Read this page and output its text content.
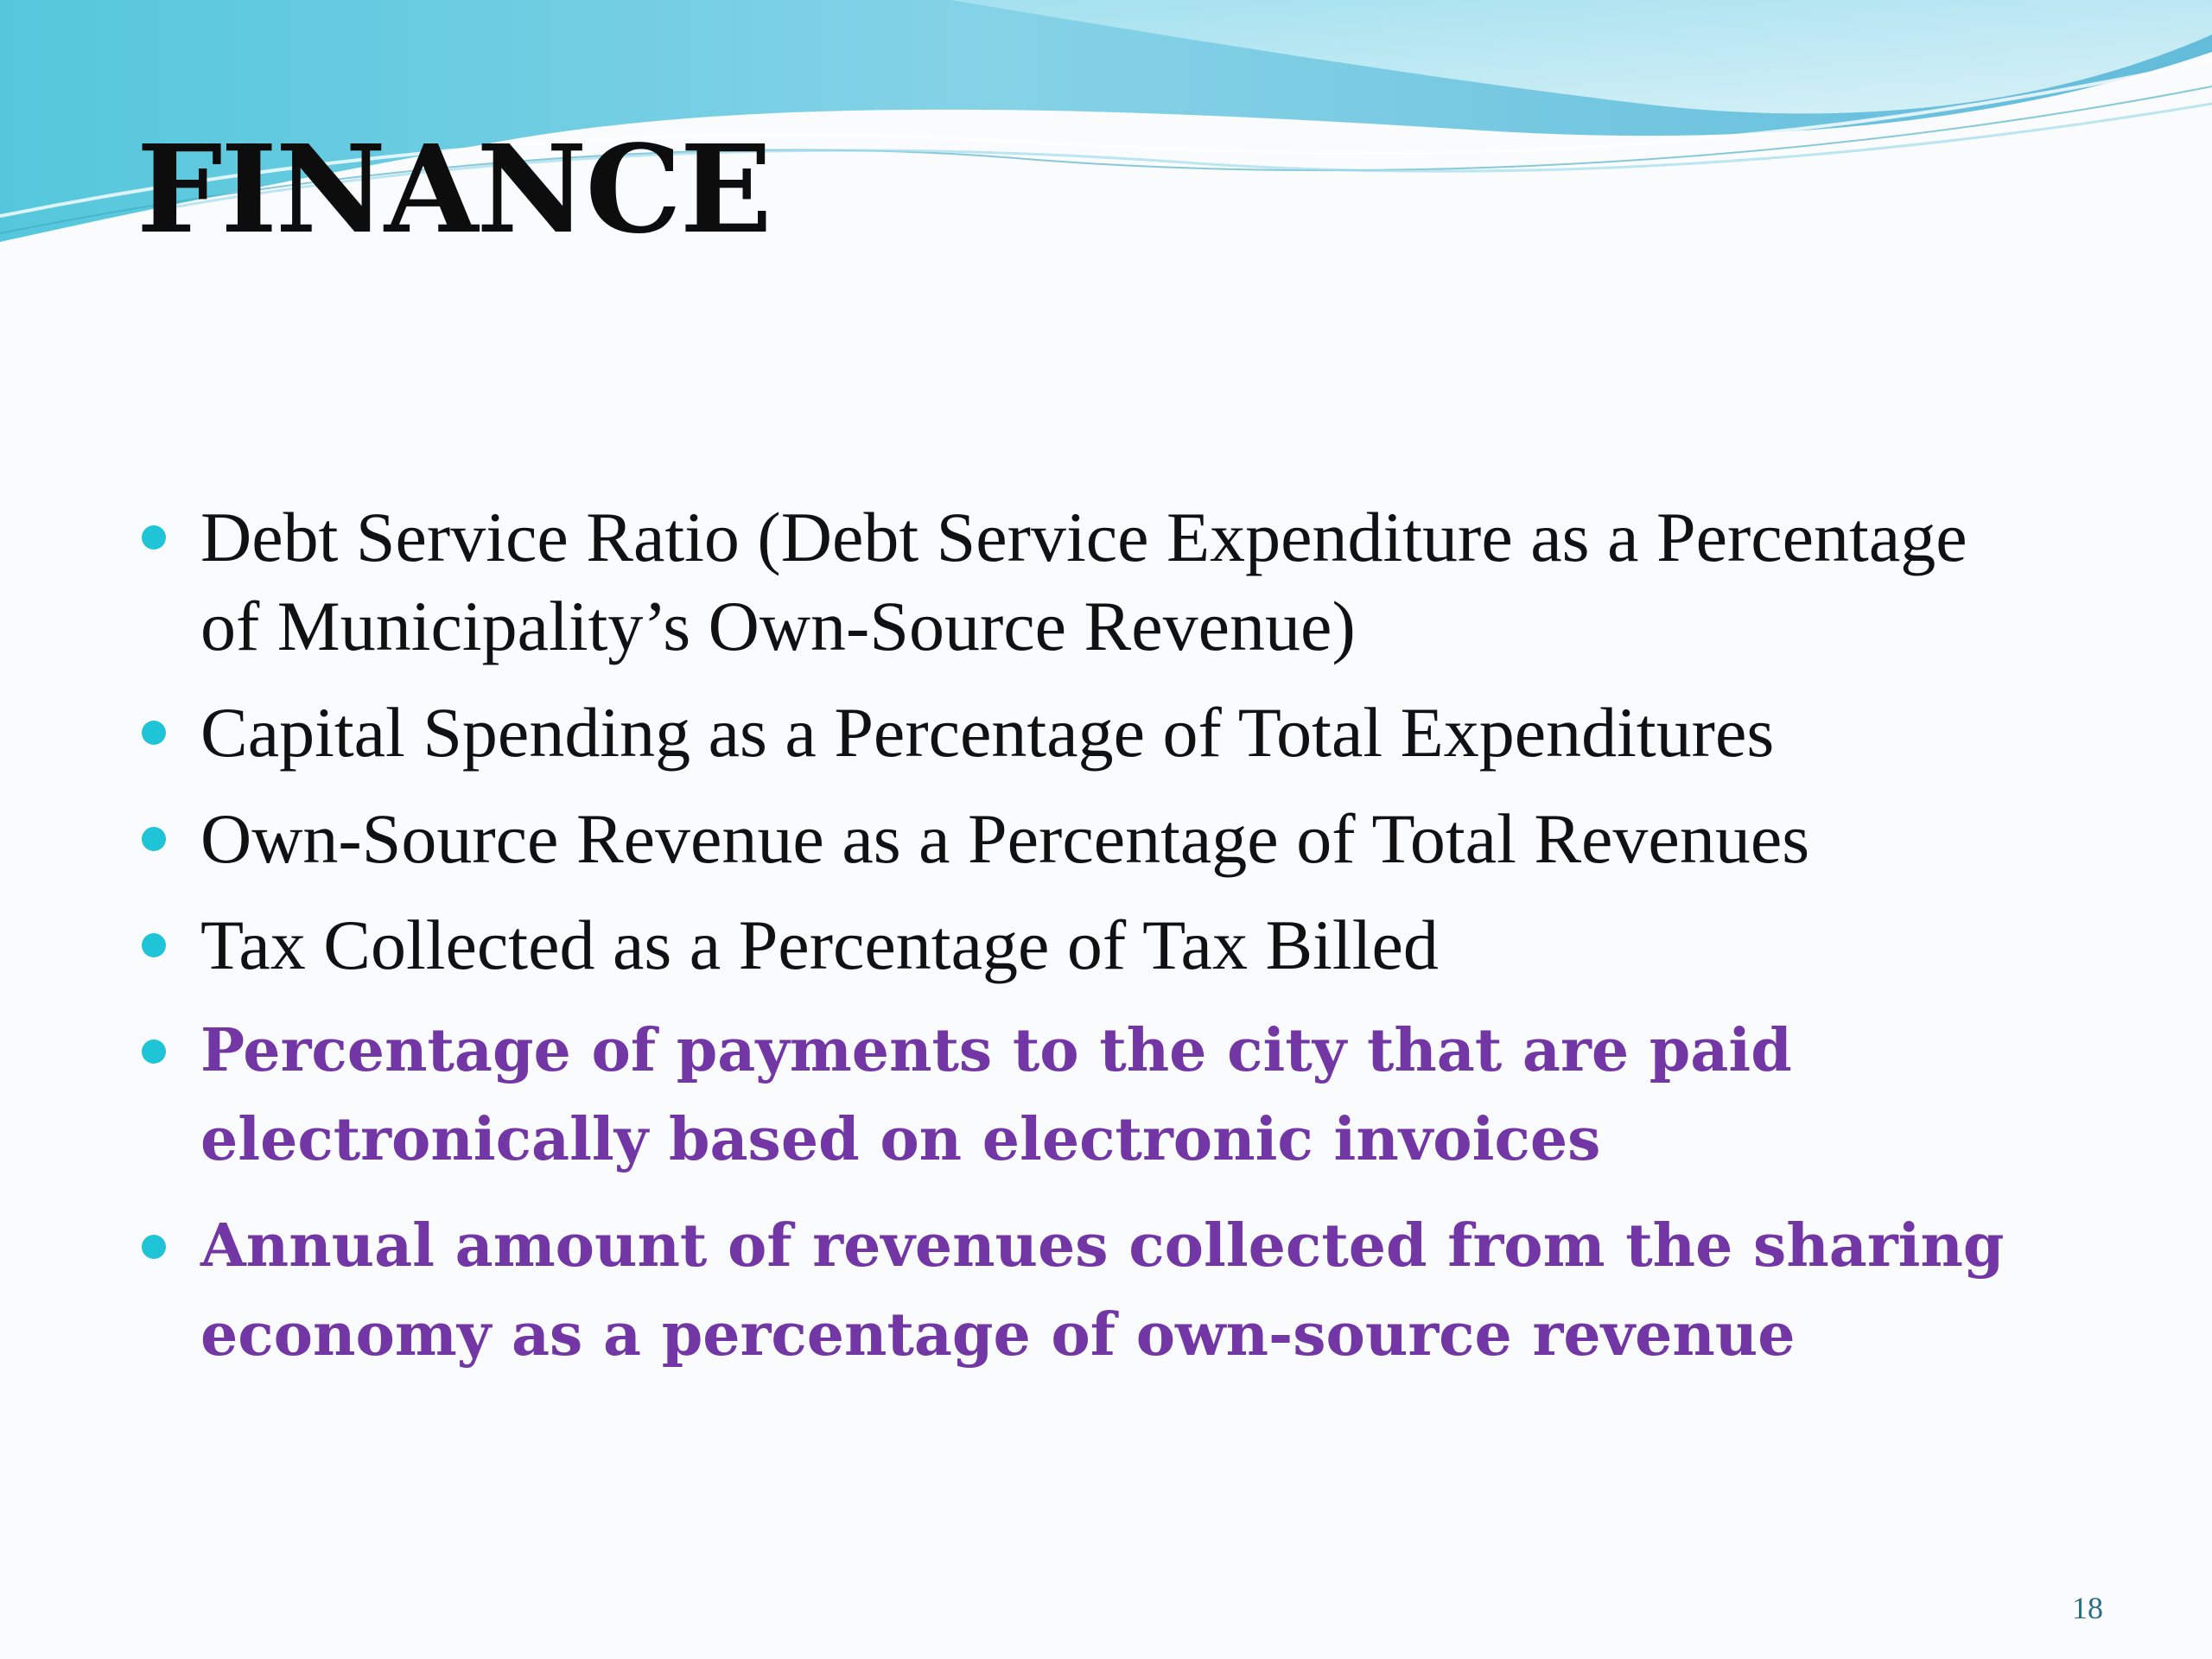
FINANCE
Debt Service Ratio (Debt Service Expenditure as a Percentage of Municipality’s Own-Source Revenue)
Capital Spending as a Percentage of Total Expenditures
Own-Source Revenue as a Percentage of Total Revenues
Tax Collected as a Percentage of Tax Billed
Percentage of payments to the city that are paid electronically based on electronic invoices
Annual amount of revenues collected from the sharing economy as a percentage of own-source revenue
18
